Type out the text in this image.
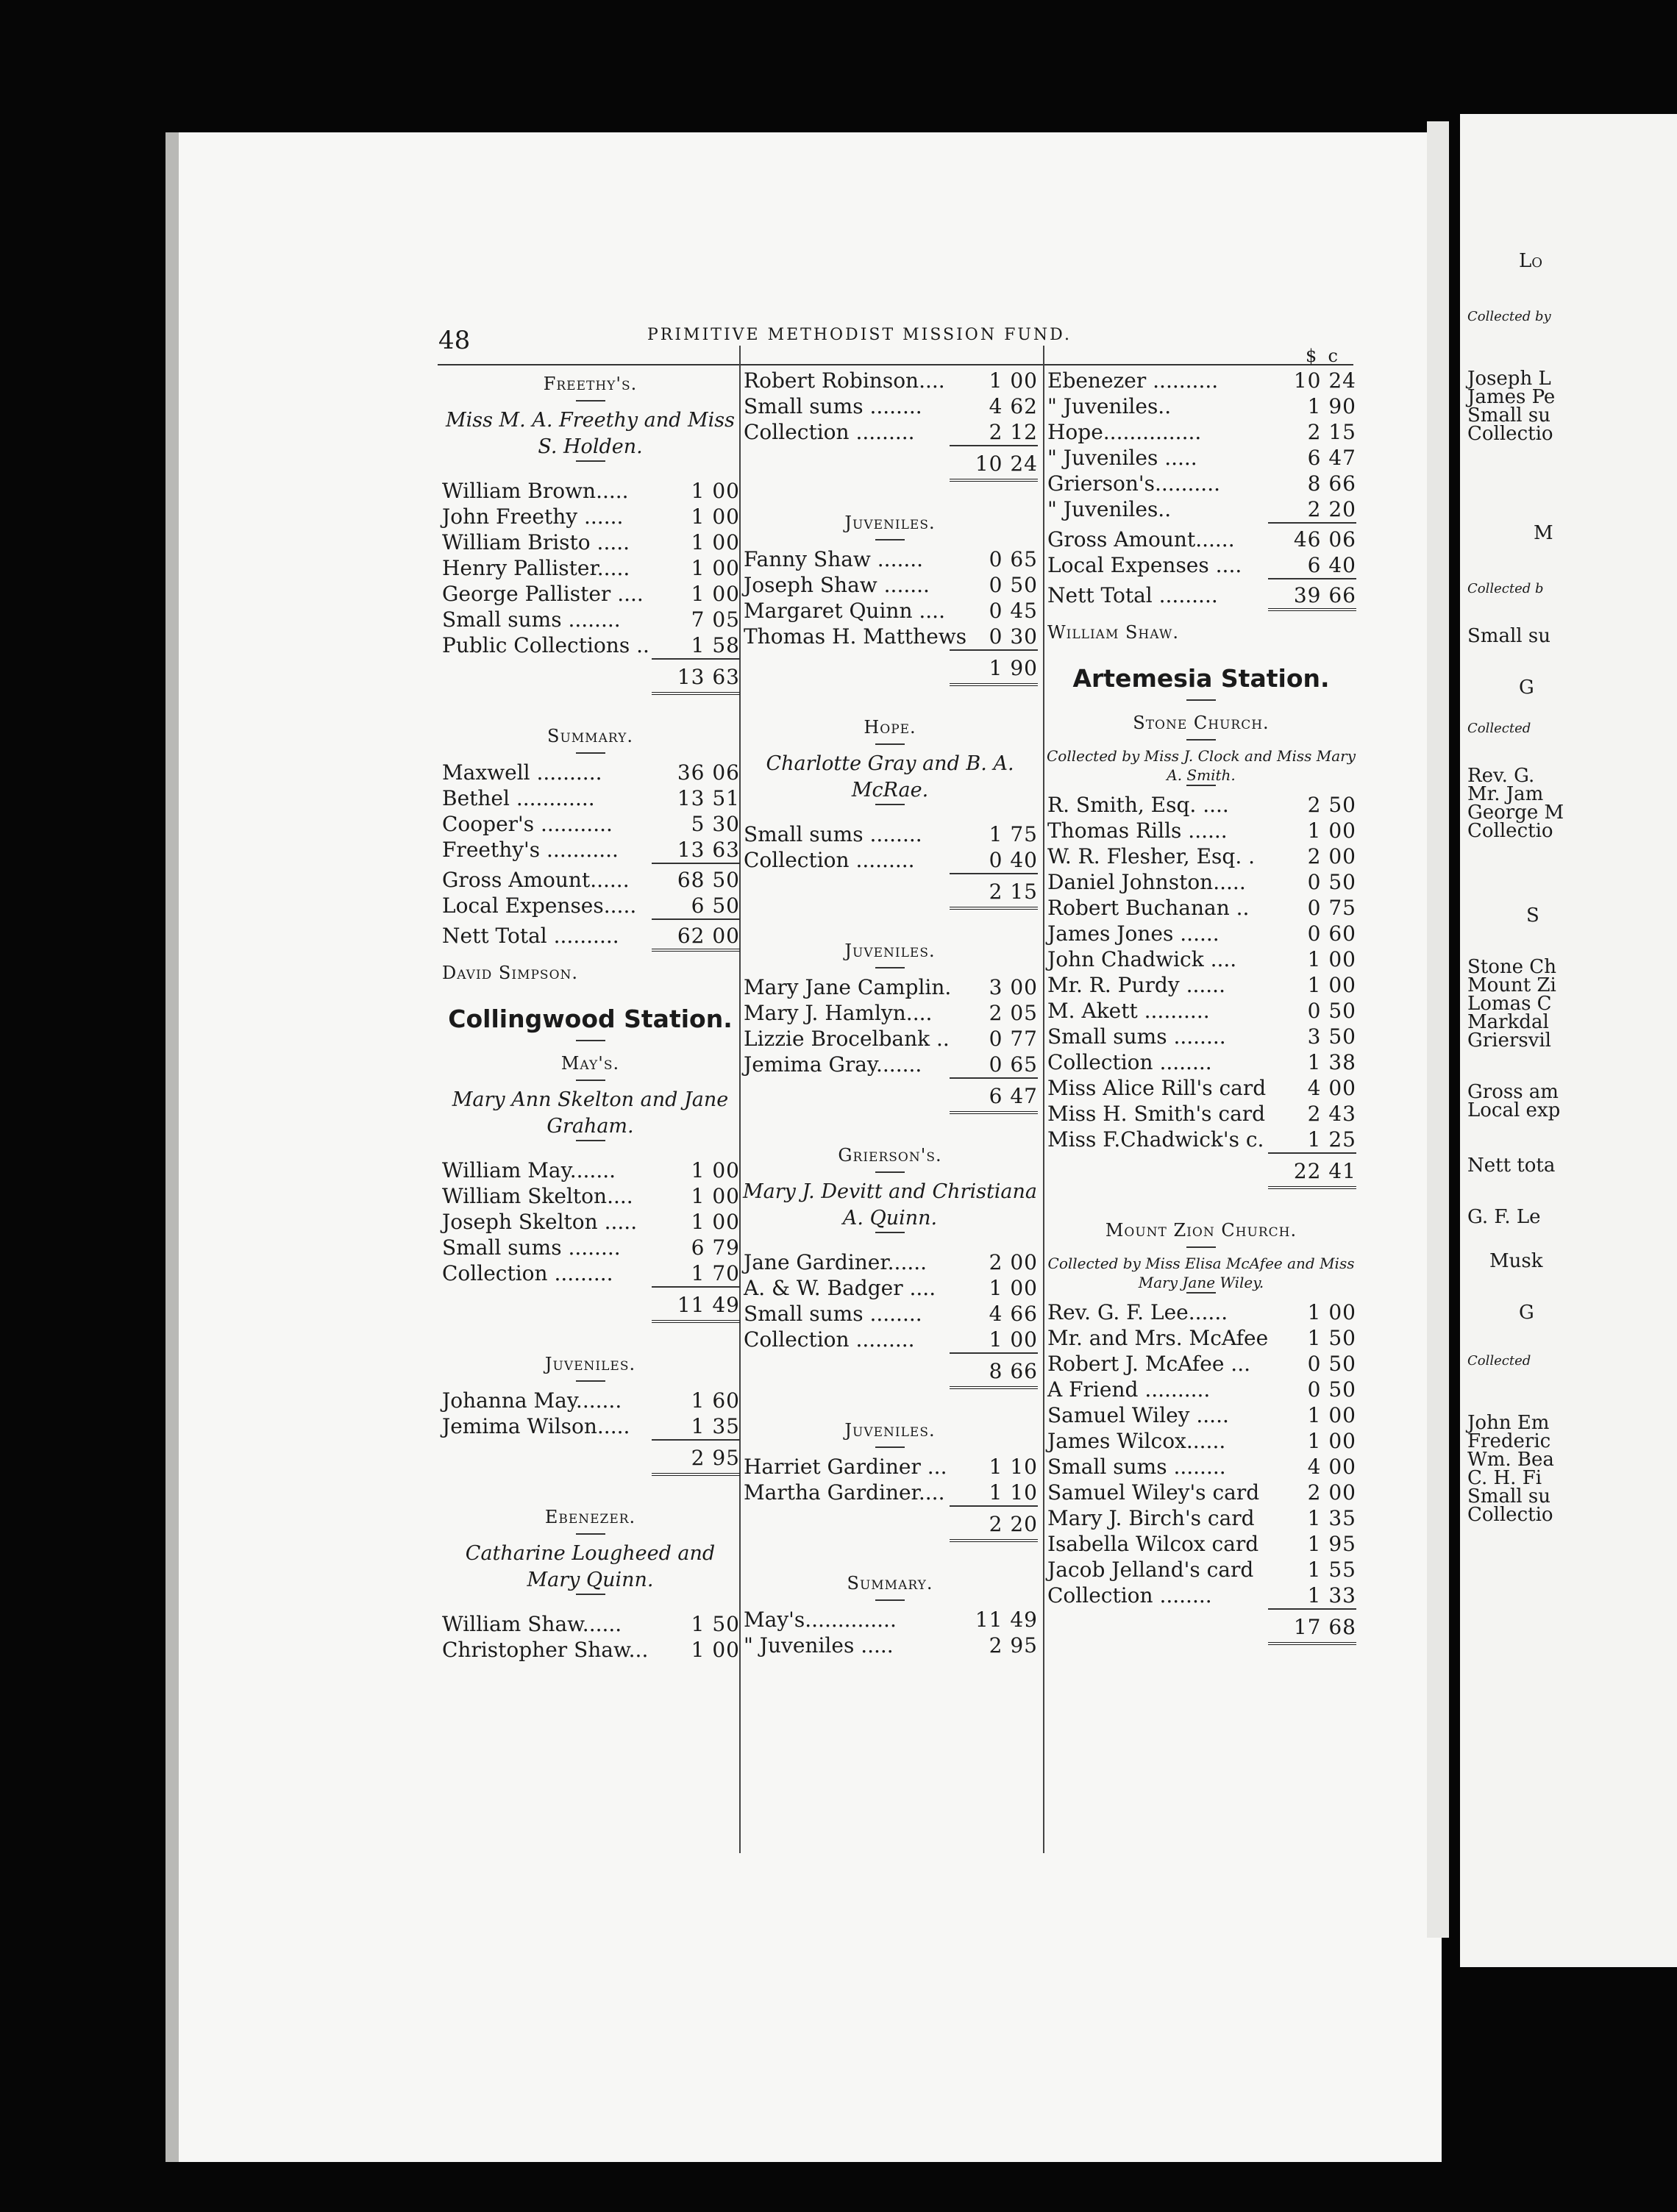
Lo
Collected by
Joseph L
James Pe
Small su
Collectio
M
Collected b
Small su
G
Collected
Rev. G.
Mr. Jam
George M
Collectio
S
Stone Ch
Mount Zi
Lomas C
Markdal
Griersvil
Gross am
Local exp
Nett tota
G. F. Le
Musk
G
Collected
John Em
Frederic
Wm. Bea
C. H. Fi
Small su
Collectio
48	PRIMITIVE METHODIST MISSION FUND.
$ c
Freethy's.
Miss M. A. Freethy and Miss S. Holden.
William Brown.....	1 00
John Freethy ......	1 00
William Bristo .....	1 00
Henry Pallister.....	1 00
George Pallister .... 1 00
Small sums ........	7 05
Public Collections .. 1 58
13 63
Summary.
Maxwell ..........	36 06
Bethel ............	13 51
Cooper's ...........	5 30
Freethy's ...........	13 63
Gross Amount...... 68 50
Local Expenses.....	6 50
Nett Total ..........	62 00
David Simpson.
Collingwood Station.
May's.
Mary Ann Skelton and Jane Graham.
William May.......	1 00
William Skelton....	1 00
Joseph Skelton .....	1 00
Small sums ........	6 79
Collection .........	1 70
11 49
Juveniles.
Johanna May.......	1 60
Jemima Wilson.....	1 35
2 95
Ebenezer.
Catharine Lougheed and Mary Quinn.
William Shaw......	1 50
Christopher Shaw... 1 00
Robert Robinson.... 1 00
Small sums ........	4 62
Collection .........	2 12
10 24
Juveniles.
Fanny Shaw .......	0 65
Joseph Shaw .......	0 50
Margaret Quinn .... 0 45
Thomas H. Matthews 0 30
1 90
Hope.
Charlotte Gray and B. A. McRae.
Small sums ........	1 75
Collection .........	0 40
2 15
Juveniles.
Mary Jane Camplin. 3 00
Mary J. Hamlyn....	2 05
Lizzie Brocelbank .. 0 77
Jemima Gray.......	0 65
6 47
Grierson's.
Mary J. Devitt and Christiana A. Quinn.
Jane Gardiner......	2 00
A. & W. Badger ....	1 00
Small sums ........	4 66
Collection .........	1 00
8 66
Juveniles.
Harriet Gardiner ... 1 10
Martha Gardiner.... 1 10
2 20
Summary.
May's..............	11 49
" Juveniles .....	2 95
Ebenezer ..........	10 24
" Juveniles..	1 90
Hope...............	2 15
" Juveniles .....	6 47
Grierson's..........	8 66
" Juveniles..	2 20
Gross Amount......	46 06
Local Expenses ....	6 40
Nett Total .........	39 66
William Shaw.
Artemesia Station.
Stone Church.
Collected by Miss J. Clock and Miss Mary A. Smith.
R. Smith, Esq. ....	2 50
Thomas Rills ......	1 00
W. R. Flesher, Esq. .	2 00
Daniel Johnston.....	0 50
Robert Buchanan ..	0 75
James Jones ......	0 60
John Chadwick ....	1 00
Mr. R. Purdy ......	1 00
M. Akett ..........	0 50
Small sums ........	3 50
Collection ........	1 38
Miss Alice Rill's card 4 00
Miss H. Smith's card 2 43
Miss F.Chadwick's c. 1 25
22 41
Mount Zion Church.
Collected by Miss Elisa McAfee and Miss Mary Jane Wiley.
Rev. G. F. Lee......	1 00
Mr. and Mrs. McAfee 1 50
Robert J. McAfee ...	0 50
A Friend ..........	0 50
Samuel Wiley .....	1 00
James Wilcox......	1 00
Small sums ........	4 00
Samuel Wiley's card 2 00
Mary J. Birch's card	1 35
Isabella Wilcox card 1 95
Jacob Jelland's card	1 55
Collection ........	1 33
17 68
